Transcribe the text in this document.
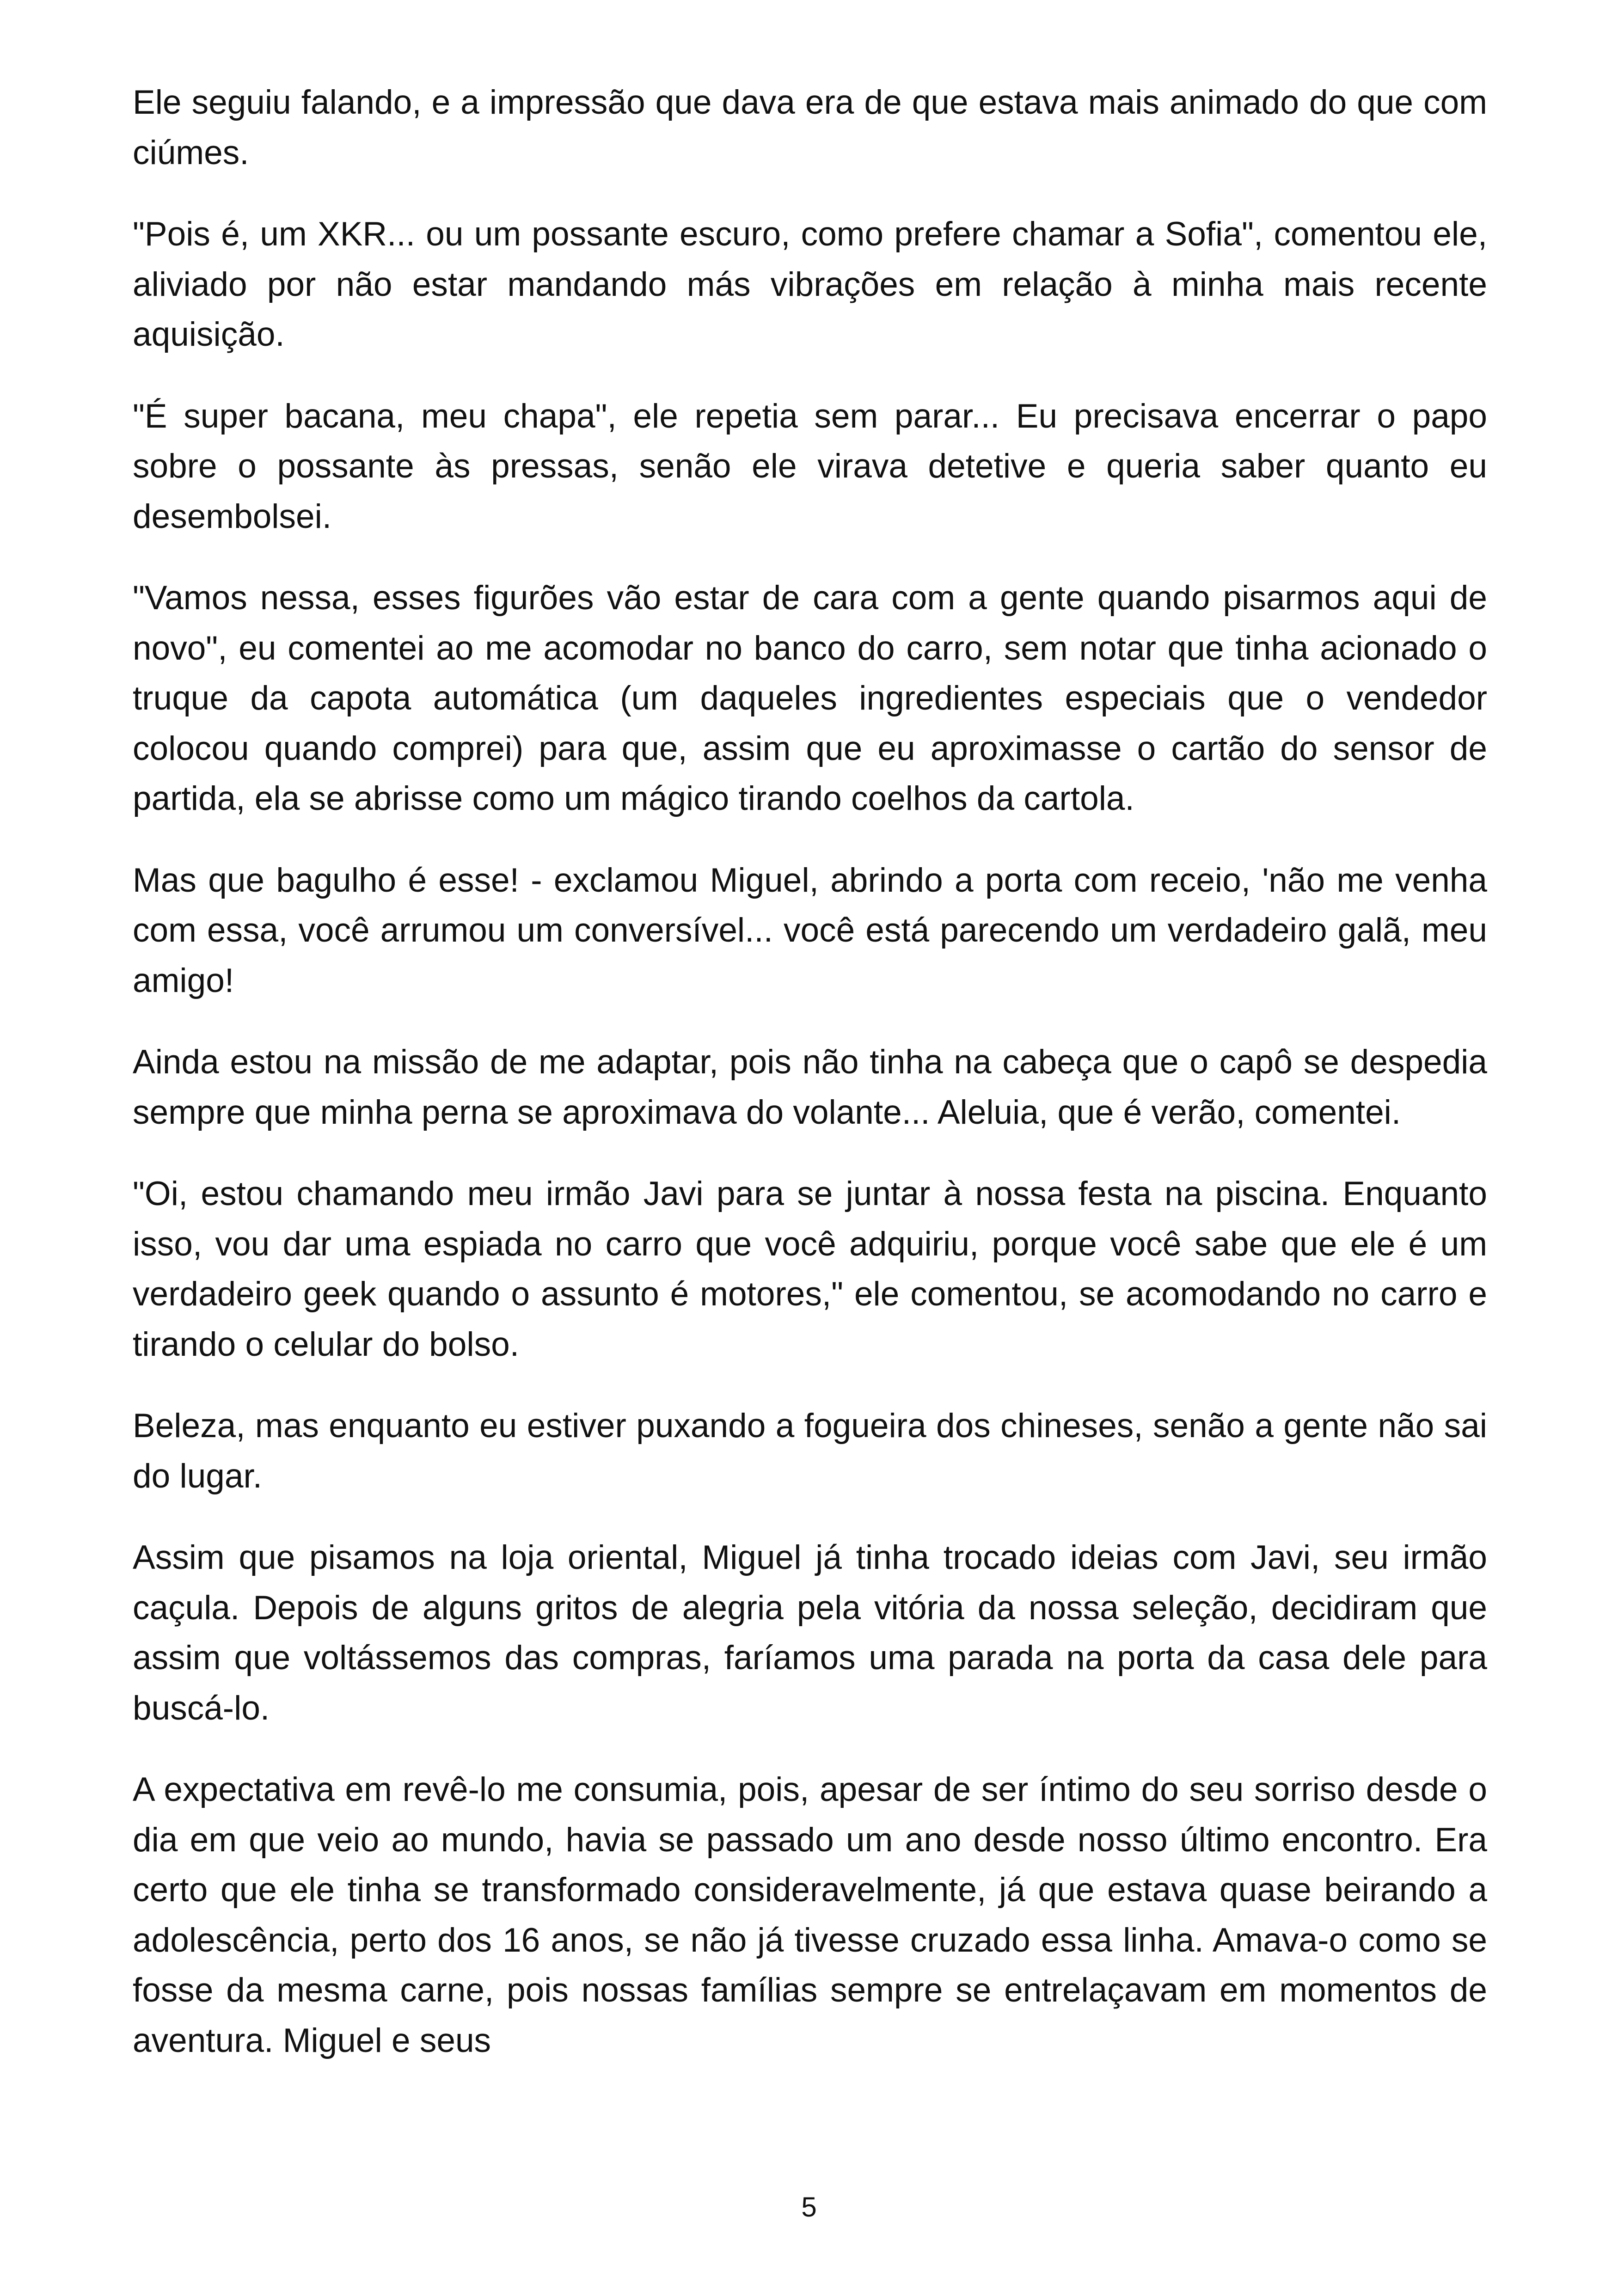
Ele seguiu falando, e a impressão que dava era de que estava mais animado do que com ciúmes.

"Pois é, um XKR... ou um possante escuro, como prefere chamar a Sofia", comentou ele, aliviado por não estar mandando más vibrações em relação à minha mais recente aquisição.

"É super bacana, meu chapa", ele repetia sem parar... Eu precisava encerrar o papo sobre o possante às pressas, senão ele virava detetive e queria saber quanto eu desembolsei.

"Vamos nessa, esses figurões vão estar de cara com a gente quando pisarmos aqui de novo", eu comentei ao me acomodar no banco do carro, sem notar que tinha acionado o truque da capota automática (um daqueles ingredientes especiais que o vendedor colocou quando comprei) para que, assim que eu aproximasse o cartão do sensor de partida, ela se abrisse como um mágico tirando coelhos da cartola.

Mas que bagulho é esse! - exclamou Miguel, abrindo a porta com receio, 'não me venha com essa, você arrumou um conversível... você está parecendo um verdadeiro galã, meu amigo!

Ainda estou na missão de me adaptar, pois não tinha na cabeça que o capô se despedia sempre que minha perna se aproximava do volante... Aleluia, que é verão, comentei.

"Oi, estou chamando meu irmão Javi para se juntar à nossa festa na piscina. Enquanto isso, vou dar uma espiada no carro que você adquiriu, porque você sabe que ele é um verdadeiro geek quando o assunto é motores," ele comentou, se acomodando no carro e tirando o celular do bolso.

Beleza, mas enquanto eu estiver puxando a fogueira dos chineses, senão a gente não sai do lugar.

Assim que pisamos na loja oriental, Miguel já tinha trocado ideias com Javi, seu irmão caçula. Depois de alguns gritos de alegria pela vitória da nossa seleção, decidiram que assim que voltássemos das compras, faríamos uma parada na porta da casa dele para buscá-lo.

A expectativa em revê-lo me consumia, pois, apesar de ser íntimo do seu sorriso desde o dia em que veio ao mundo, havia se passado um ano desde nosso último encontro. Era certo que ele tinha se transformado consideravelmente, já que estava quase beirando a adolescência, perto dos 16 anos, se não já tivesse cruzado essa linha. Amava-o como se fosse da mesma carne, pois nossas famílias sempre se entrelaçavam em momentos de aventura. Miguel e seus

5
